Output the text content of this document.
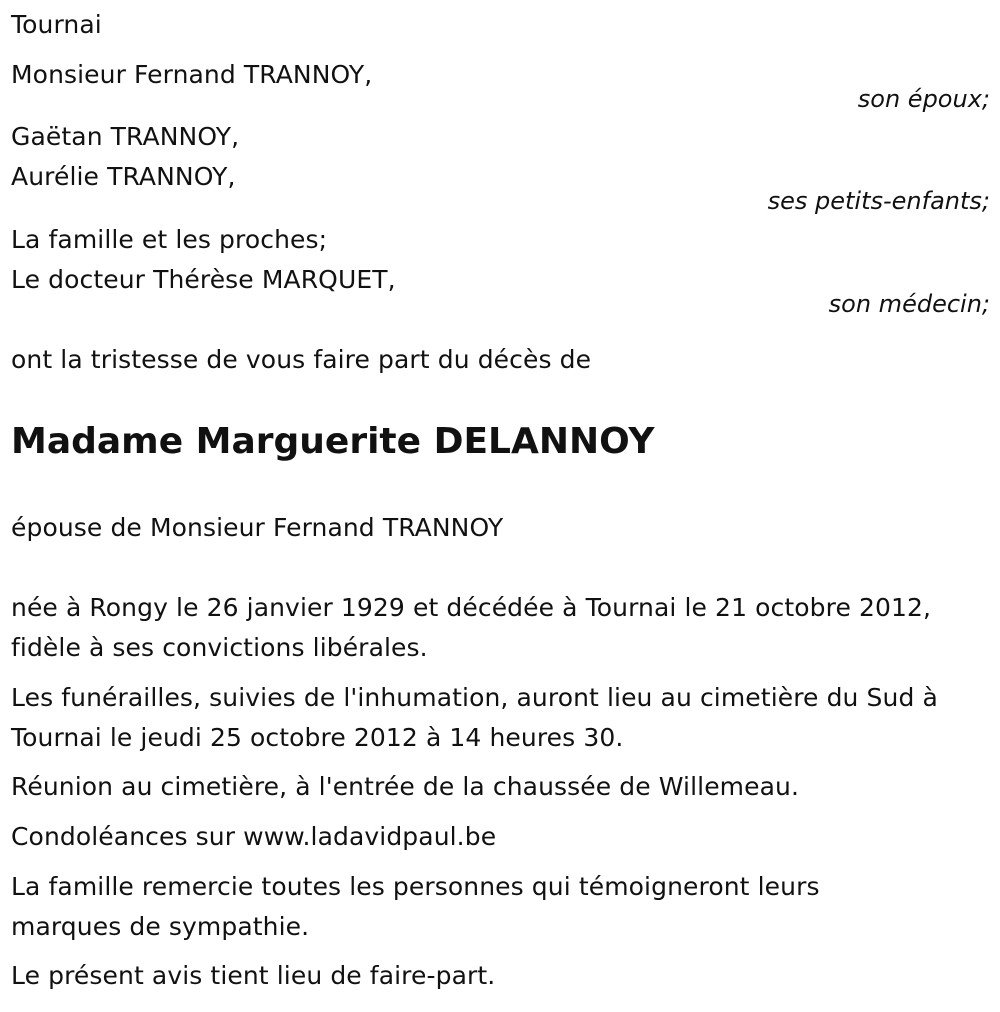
Tournai
Monsieur Fernand TRANNOY,
son époux;
Gaëtan TRANNOY,
Aurélie TRANNOY,
ses petits-enfants;
La famille et les proches;
Le docteur Thérèse MARQUET,
son médecin;
ont la tristesse de vous faire part du décès de
Madame Marguerite DELANNOY
épouse de Monsieur Fernand TRANNOY
née à Rongy le 26 janvier 1929 et décédée à Tournai le 21 octobre 2012,
fidèle à ses convictions libérales.
Les funérailles, suivies de l'inhumation, auront lieu au cimetière du Sud à
Tournai le jeudi 25 octobre 2012 à 14 heures 30.
Réunion au cimetière, à l'entrée de la chaussée de Willemeau.
Condoléances sur www.ladavidpaul.be
La famille remercie toutes les personnes qui témoigneront leurs
marques de sympathie.
Le présent avis tient lieu de faire-part.
